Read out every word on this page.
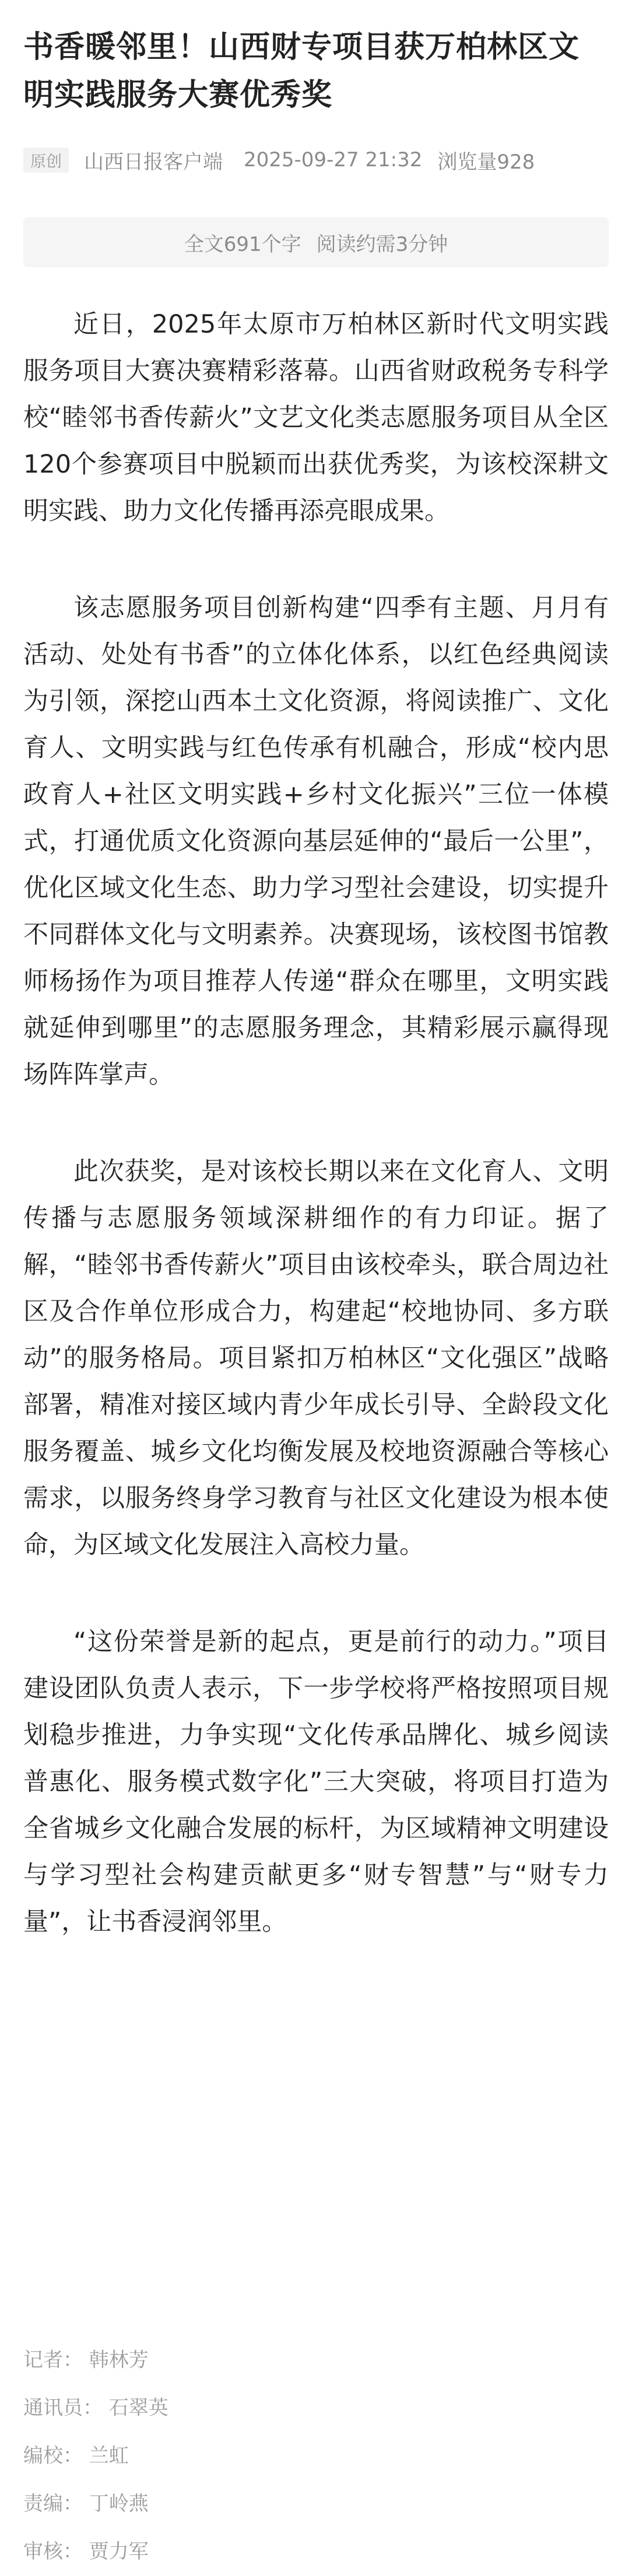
书香暖邻里！山西财专项目获万柏林区文明实践服务大赛优秀奖
原创	山西日报客户端 2025-09-27 21:32 浏览量928
全文691个字 阅读约需3分钟

近日，2025年太原市万柏林区新时代文明实践服务项目大赛决赛精彩落幕。山西省财政税务专科学校“睦邻书香传薪火”文艺文化类志愿服务项目从全区120个参赛项目中脱颖而出获优秀奖，为该校深耕文明实践、助力文化传播再添亮眼成果。

该志愿服务项目创新构建“四季有主题、月月有活动、处处有书香”的立体化体系，以红色经典阅读为引领，深挖山西本土文化资源，将阅读推广、文化育人、文明实践与红色传承有机融合，形成“校内思政育人+社区文明实践+乡村文化振兴”三位一体模式，打通优质文化资源向基层延伸的“最后一公里”，优化区域文化生态、助力学习型社会建设，切实提升不同群体文化与文明素养。决赛现场，该校图书馆教师杨扬作为项目推荐人传递“群众在哪里，文明实践就延伸到哪里”的志愿服务理念，其精彩展示赢得现场阵阵掌声。

此次获奖，是对该校长期以来在文化育人、文明传播与志愿服务领域深耕细作的有力印证。据了解，“睦邻书香传薪火”项目由该校牵头，联合周边社区及合作单位形成合力，构建起“校地协同、多方联动”的服务格局。项目紧扣万柏林区“文化强区”战略部署，精准对接区域内青少年成长引导、全龄段文化服务覆盖、城乡文化均衡发展及校地资源融合等核心需求，以服务终身学习教育与社区文化建设为根本使命，为区域文化发展注入高校力量。

“这份荣誉是新的起点，更是前行的动力。”项目建设团队负责人表示，下一步学校将严格按照项目规划稳步推进，力争实现“文化传承品牌化、城乡阅读普惠化、服务模式数字化”三大突破，将项目打造为全省城乡文化融合发展的标杆，为区域精神文明建设与学习型社会构建贡献更多“财专智慧”与“财专力量”，让书香浸润邻里。

记者： 韩林芳
通讯员： 石翠英
编校： 兰虹
责编： 丁岭燕
审核： 贾力军
